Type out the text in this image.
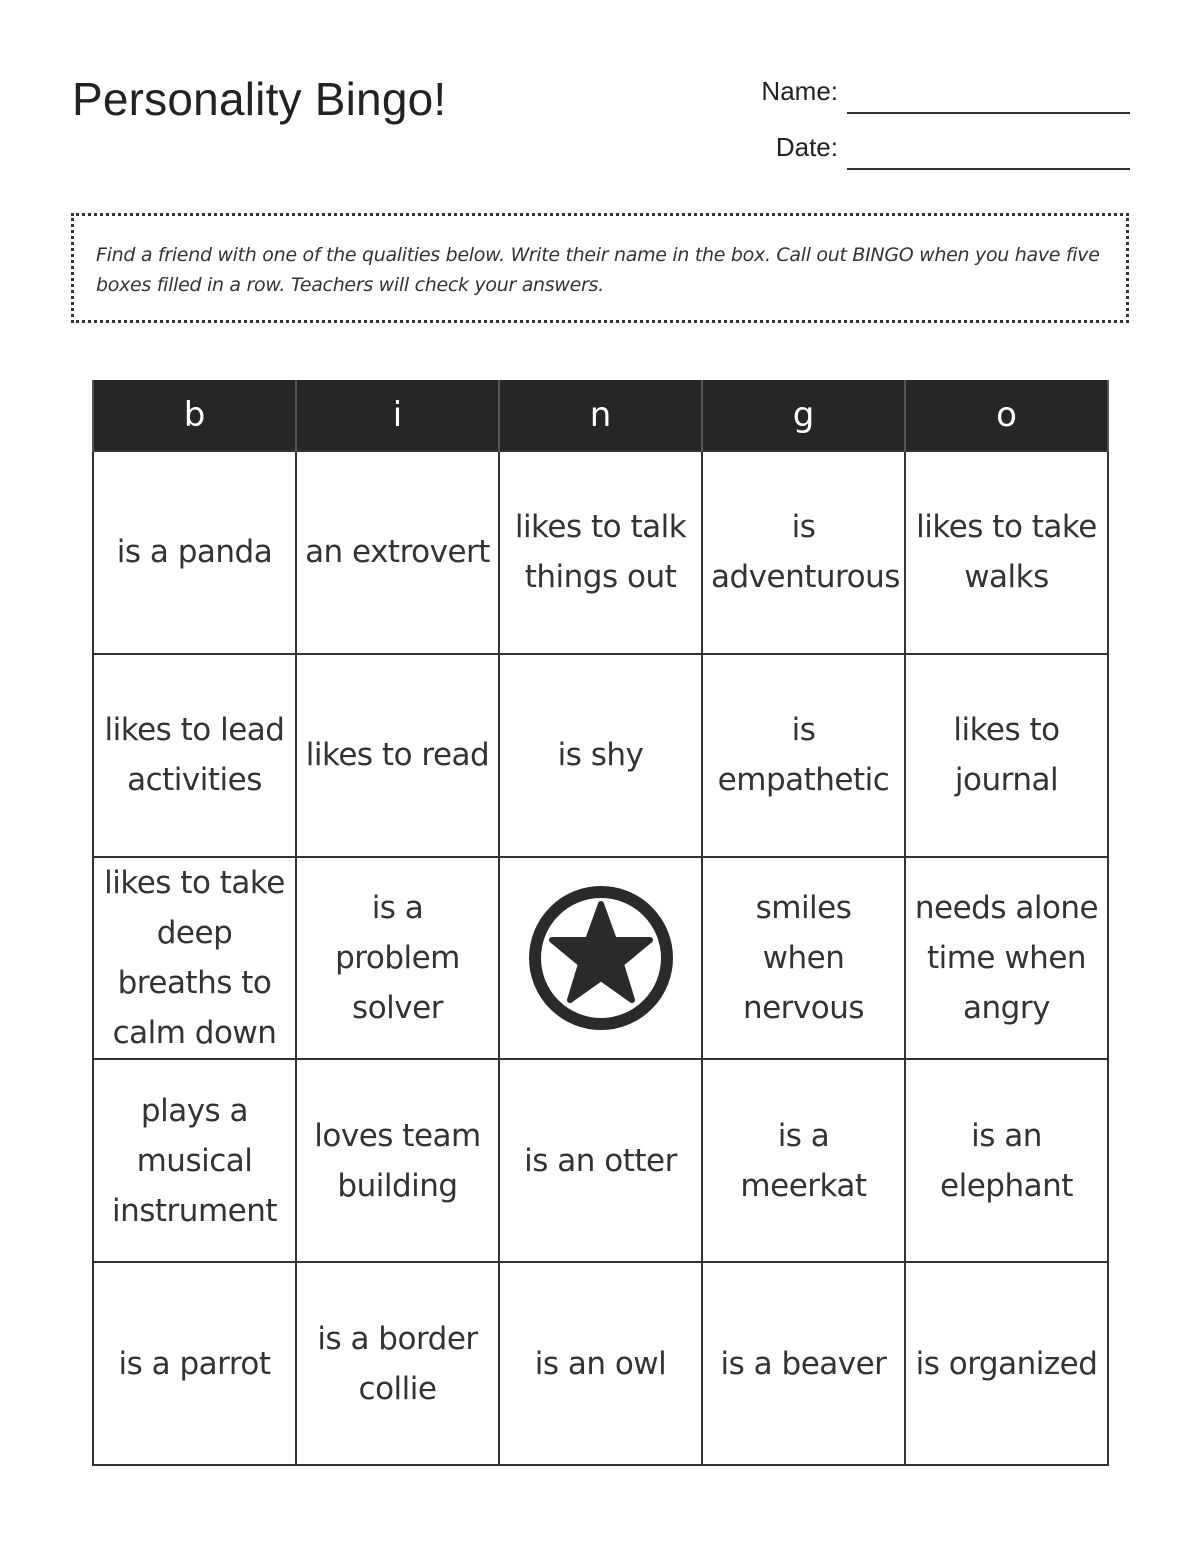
Personality Bingo!	Name:
Date:

Find a friend with one of the qualities below. Write their name in the box. Call out BINGO when you have five boxes filled in a row. Teachers will check your answers.

b	i	n	g	o
is a panda	an extrovert	likes to talk things out	is adventurous	likes to take walks
likes to lead activities	likes to read	is shy	is empathetic	likes to journal
likes to take deep breaths to calm down	is a problem solver		smiles when nervous	needs alone time when angry
plays a musical instrument	loves team building	is an otter	is a meerkat	is an elephant
is a parrot	is a border collie	is an owl	is a beaver	is organized
